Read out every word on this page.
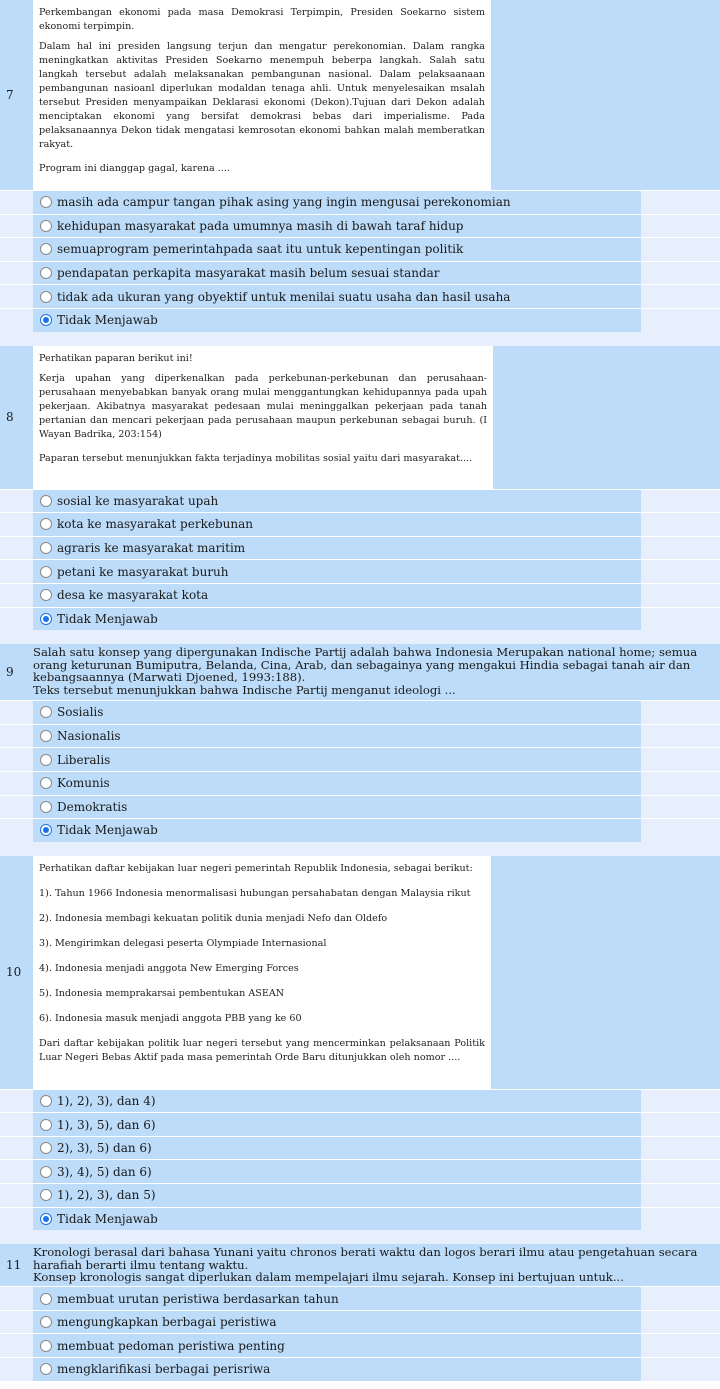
7

Perkembangan ekonomi pada masa Demokrasi Terpimpin, Presiden Soekarno sistem ekonomi terpimpin.

Dalam hal ini presiden langsung terjun dan mengatur perekonomian. Dalam rangka meningkatkan aktivitas Presiden Soekarno menempuh beberpa langkah. Salah satu langkah tersebut adalah melaksanakan pembangunan nasional. Dalam pelaksaanaan pembangunan nasioanl diperlukan modaldan tenaga ahli. Untuk menyelesaikan msalah tersebut Presiden menyampaikan Deklarasi ekonomi (Dekon).Tujuan dari Dekon adalah menciptakan ekonomi yang bersifat demokrasi bebas dari imperialisme. Pada pelaksanaannya Dekon tidak mengatasi kemrosotan ekonomi bahkan malah memberatkan rakyat.

Program ini dianggap gagal, karena ....

masih ada campur tangan pihak asing yang ingin mengusai perekonomian
kehidupan masyarakat pada umumnya masih di bawah taraf hidup
semuaprogram pemerintahpada saat itu untuk kepentingan politik
pendapatan perkapita masyarakat masih belum sesuai standar
tidak ada ukuran yang obyektif untuk menilai suatu usaha dan hasil usaha
Tidak Menjawab
8

Perhatikan paparan berikut ini!

Kerja upahan yang diperkenalkan pada perkebunan-perkebunan dan perusahaan-perusahaan menyebabkan banyak orang mulai menggantungkan kehidupannya pada upah pekerjaan. Akibatnya masyarakat pedesaan mulai meninggalkan pekerjaan pada tanah pertanian dan mencari pekerjaan pada perusahaan maupun perkebunan sebagai buruh. (I Wayan Badrika, 203:154)

Paparan tersebut menunjukkan fakta terjadinya mobilitas sosial yaitu dari masyarakat....

sosial ke masyarakat upah
kota ke masyarakat perkebunan
agraris ke masyarakat maritim
petani ke masyarakat buruh
desa ke masyarakat kota
Tidak Menjawab
9
Salah satu konsep yang dipergunakan Indische Partij adalah bahwa Indonesia Merupakan national home; semua orang keturunan Bumiputra, Belanda, Cina, Arab, dan sebagainya yang mengakui Hindia sebagai tanah air dan kebangsaannya (Marwati Djoened, 1993:188).
Teks tersebut menunjukkan bahwa Indische Partij menganut ideologi ...
Sosialis
Nasionalis
Liberalis
Komunis
Demokratis
Tidak Menjawab
10

Perhatikan daftar kebijakan luar negeri pemerintah Republik Indonesia, sebagai berikut:

1). Tahun 1966 Indonesia menormalisasi hubungan persahabatan dengan Malaysia rikut

2). Indonesia membagi kekuatan politik dunia menjadi Nefo dan Oldefo

3). Mengirimkan delegasi peserta Olympiade Internasional

4). Indonesia menjadi anggota New Emerging Forces

5). Indonesia memprakarsai pembentukan ASEAN

6). Indonesia masuk menjadi anggota PBB yang ke 60

Dari daftar kebijakan politik luar negeri tersebut yang mencerminkan pelaksanaan Politik Luar Negeri Bebas Aktif pada masa pemerintah Orde Baru ditunjukkan oleh nomor ....

1), 2), 3), dan 4)
1), 3), 5), dan 6)
2), 3), 5) dan 6)
3), 4), 5) dan 6)
1), 2), 3), dan 5)
Tidak Menjawab
11
Kronologi berasal dari bahasa Yunani yaitu chronos berati waktu dan logos berari ilmu atau pengetahuan secara harafiah berarti ilmu tentang waktu.
Konsep kronologis sangat diperlukan dalam mempelajari ilmu sejarah. Konsep ini bertujuan untuk...
membuat urutan peristiwa berdasarkan tahun
mengungkapkan berbagai peristiwa
membuat pedoman peristiwa penting
mengklarifikasi berbagai perisriwa
